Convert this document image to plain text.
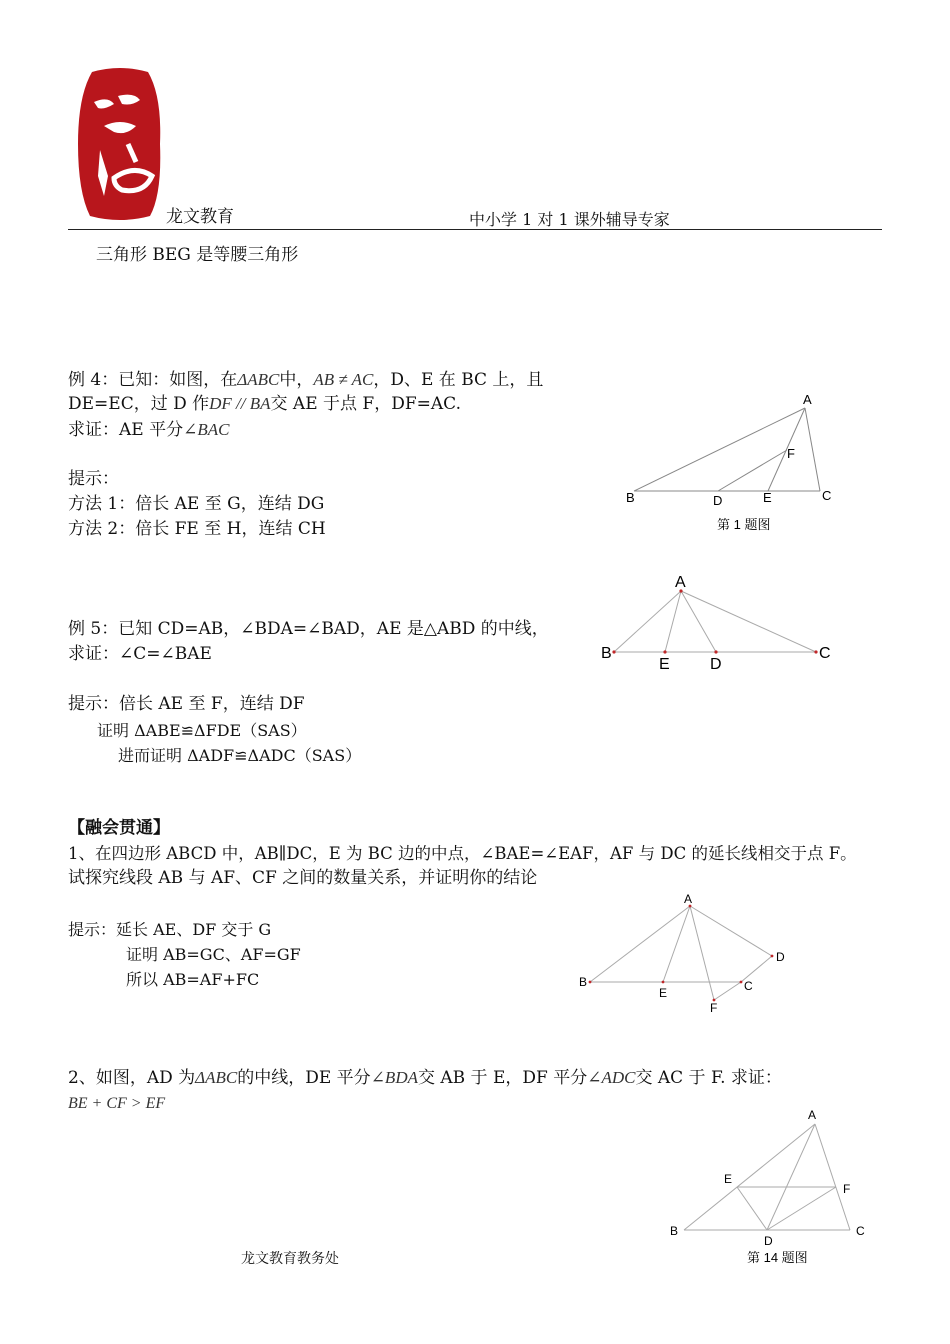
龙文教育	中小学 1 对 1 课外辅导专家
三角形 BEG 是等腰三角形
例 4：已知：如图，在ΔABC中，AB ≠ AC，D、E 在 BC 上，且
DE=EC，过 D 作DF // BA交 AE 于点 F，DF=AC.
求证：AE 平分∠BAC
提示：
方法 1：倍长 AE 至 G，连结 DG
方法 2：倍长 FE 至 H，连结 CH
A
F
B	D	E	C
第 1 题图
A
B
E	D
C
例 5：已知 CD=AB，∠BDA=∠BAD，AE 是△ABD 的中线，
求证：∠C=∠BAE
提示：倍长 AE 至 F，连结 DF
证明 ΔABE≌ΔFDE（SAS）
进而证明 ΔADF≌ΔADC（SAS）
【融会贯通】
1、在四边形 ABCD 中，AB∥DC，E 为 BC 边的中点，∠BAE=∠EAF，AF 与 DC 的延长线相交于点 F。
试探究线段 AB 与 AF、CF 之间的数量关系，并证明你的结论
提示：延长 AE、DF 交于 G
证明 AB=GC、AF=GF
所以 AB=AF+FC
A
B
E	C
D
F
2、如图，AD 为ΔABC的中线，DE 平分∠BDA交 AB 于 E，DF 平分∠ADC交 AC 于 F. 求证：
BE + CF > EF
A
E
F
B
D
C
第 14 题图
龙文教育教务处
